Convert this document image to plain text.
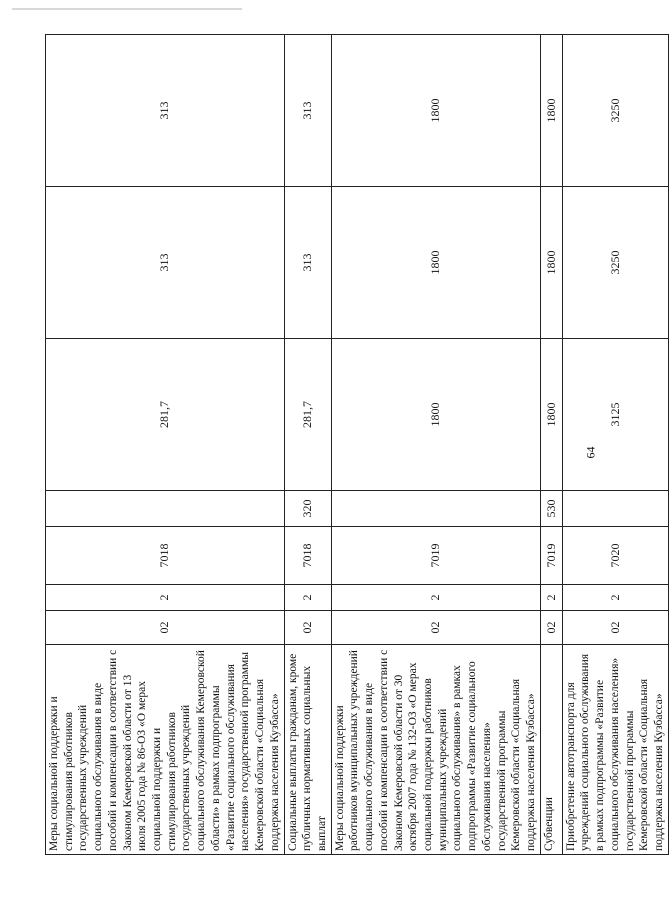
64
Меры социальной поддержки и стимулирования работников государственных учреждений социального обслуживания в виде пособий и компенсации в соответствии с Законом Кемеровской области от 13 июля 2005 года № 86-ОЗ «О мерах социальной поддержки и стимулирования работников государственных учреждений социального обслуживания Кемеровской области» в рамках подпрограммы «Развитие социального обслуживания населения» государственной программы Кемеровской области «Социальная поддержка населения Кузбасса»	02	2	7018		281,7	313	313
Социальные выплаты гражданам, кроме публичных нормативных социальных выплат	02	2	7018	320	281,7	313	313
Меры социальной поддержки работников муниципальных учреждений социального обслуживания в виде пособий и компенсации в соответствии с Законом Кемеровской области от 30 октября 2007 года № 132-ОЗ «О мерах социальной поддержки работников муниципальных учреждений социального обслуживания» в рамках подпрограммы «Развитие социального обслуживания населения» государственной программы Кемеровской области «Социальная поддержка населения Кузбасса»	02	2	7019		1800	1800	1800
Субвенции	02	2	7019	530	1800	1800	1800
Приобретение автотранспорта для учреждений социального обслуживания в рамках подпрограммы «Развитие социального обслуживания населения» государственной программы Кемеровской области «Социальная поддержка населения Кузбасса»	02	2	7020		3125	3250	3250
